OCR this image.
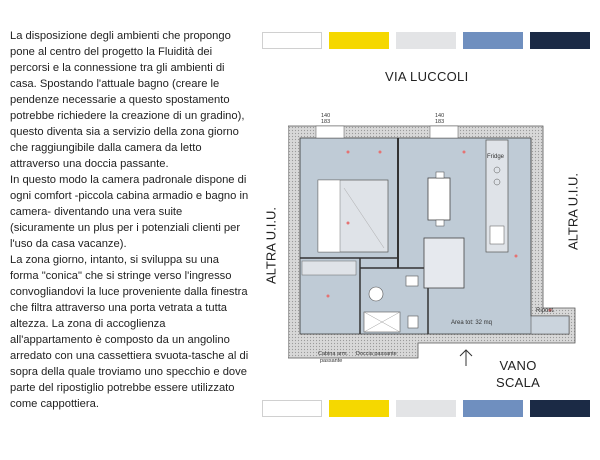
La disposizione degli ambienti che propongo pone al centro del progetto la Fluidità dei percorsi e la connessione tra gli ambienti di casa. Spostando l'attuale bagno (creare le pendenze necessarie a questo spostamento potrebbe richiedere la creazione di un gradino), questo diventa sia a servizio della zona giorno che raggiungibile dalla camera da letto attraverso una doccia passante.

In questo modo la camera padronale dispone di ogni comfort -piccola cabina armadio e bagno in camera- diventando una vera suite (sicuramente un plus per i potenziali clienti per l'uso da casa vacanze).

La zona giorno, intanto, si sviluppa su una forma "conica" che si stringe verso l'ingresso convogliandovi la luce proveniente dalla finestra che filtra attraverso una porta vetrata a tutta altezza. La zona di accoglienza all'appartamento è composto da un angolino arredato con una cassettiera svuota-tasche al di sopra della quale troviamo uno specchio e dove parte del ripostiglio potrebbe essere utilizzato come cappottiera.

VIA LUCCOLI
ALTRA U.I.U.	ALTRA U.I.U.
VANO
SCALA
140
183
140
183
Fridge
Area tot: 32 mq
Ripost.
Cabina arm.
passante
Doccia passante
